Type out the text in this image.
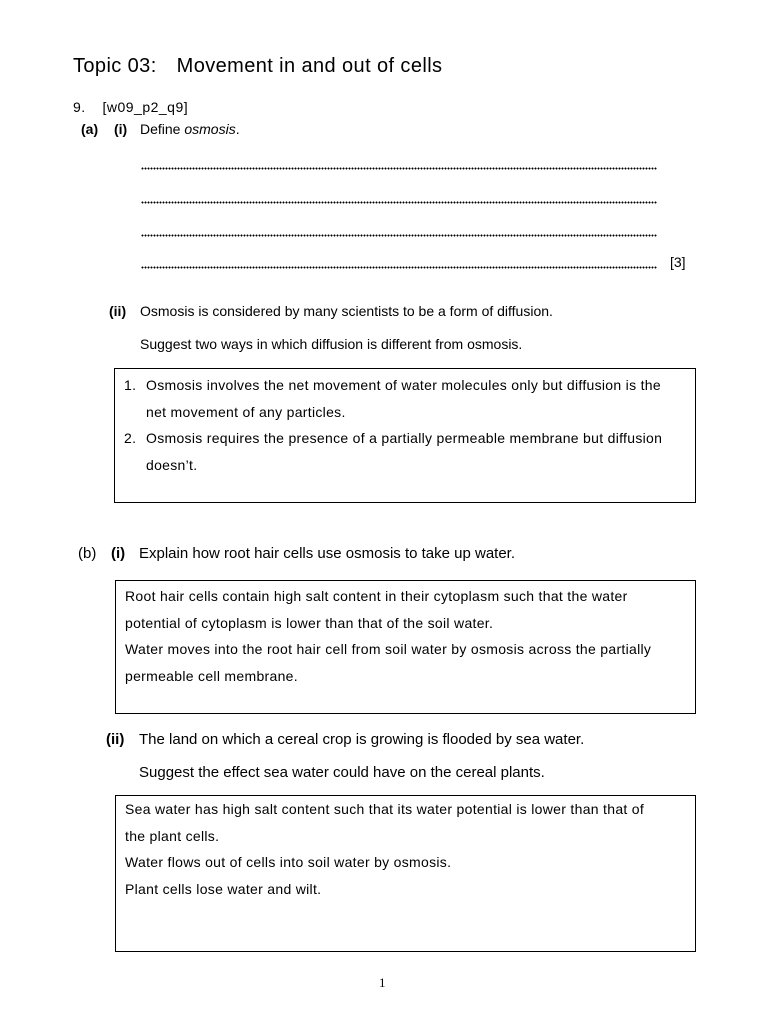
Topic 03: Movement in and out of cells
9. [w09_p2_q9]
(a) (i) Define osmosis.
[3]
(ii) Osmosis is considered by many scientists to be a form of diffusion.
Suggest two ways in which diffusion is different from osmosis.
1. Osmosis involves the net movement of water molecules only but diffusion is the
net movement of any particles.
2. Osmosis requires the presence of a partially permeable membrane but diffusion
doesn’t.
(b) (i) Explain how root hair cells use osmosis to take up water.
Root hair cells contain high salt content in their cytoplasm such that the water
potential of cytoplasm is lower than that of the soil water.
Water moves into the root hair cell from soil water by osmosis across the partially
permeable cell membrane.
(ii) The land on which a cereal crop is growing is flooded by sea water.
Suggest the effect sea water could have on the cereal plants.
Sea water has high salt content such that its water potential is lower than that of
the plant cells.
Water flows out of cells into soil water by osmosis.
Plant cells lose water and wilt.
1
